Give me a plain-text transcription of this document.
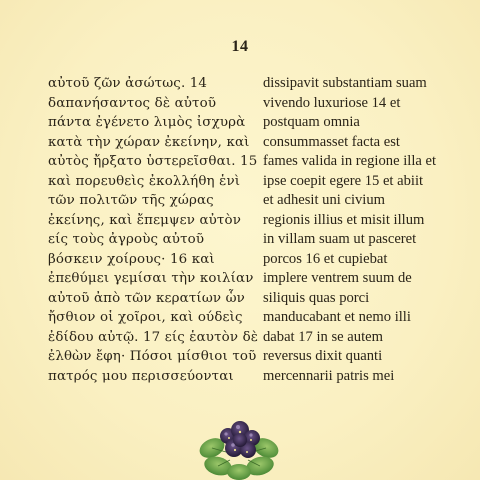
14
αὐτοῦ ζῶν ἀσώτως. 14
δαπανήσαντος δὲ αὐτοῦ
πάντα ἐγένετο λιμὸς ἰσχυρὰ
κατὰ τὴν χώραν ἐκείνην, καὶ
αὐτὸς ἤρξατο ὑστερεῖσθαι. 15
καὶ πορευθεὶς ἐκολλήθη ἑνὶ
τῶν πολιτῶν τῆς χώρας
ἐκείνης, καὶ ἔπεμψεν αὐτὸν
είς τοὺς ἀγροὺς αὐτοῦ
βόσκειν χοίρους· 16 καὶ
ἐπεθύμει γεμίσαι τὴν κοιλίαν
αὐτοῦ ἀπὸ τῶν κερατίων ὧν
ἤσθιον οἱ χοῖροι, καὶ ούδεὶς
ἐδίδου αὐτῷ. 17 είς ἑαυτὸν δὲ
ἐλθὼν ἔφη· Πόσοι μίσθιοι τοῦ
πατρός μου περισσεύονται
dissipavit substantiam suam
vivendo luxuriose 14 et
postquam omnia
consummasset facta est
fames valida in regione illa et
ipse coepit egere 15 et abiit
et adhesit uni civium
regionis illius et misit illum
in villam suam ut pasceret
porcos 16 et cupiebat
implere ventrem suum de
siliquis quas porci
manducabant et nemo illi
dabat 17 in se autem
reversus dixit quanti
mercennarii patris mei
